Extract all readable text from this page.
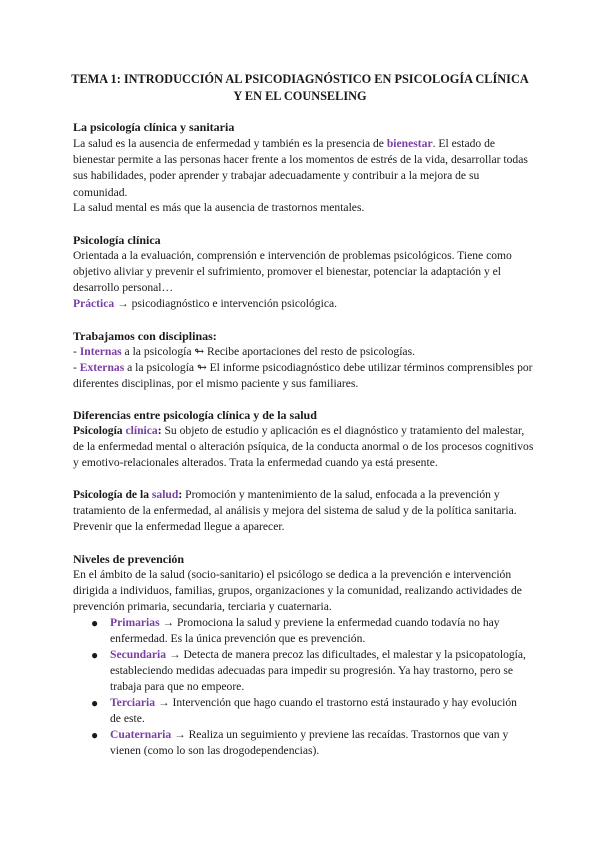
TEMA 1: INTRODUCCIÓN AL PSICODIAGNÓSTICO EN PSICOLOGÍA CLÍNICA
Y EN EL COUNSELING
La psicología clínica y sanitaria

La salud es la ausencia de enfermedad y también es la presencia de bienestar. El estado de bienestar permite a las personas hacer frente a los momentos de estrés de la vida, desarrollar todas sus habilidades, poder aprender y trabajar adecuadamente y contribuir a la mejora de su comunidad.

La salud mental es más que la ausencia de trastornos mentales.

Psicología clínica

Orientada a la evaluación, comprensión e intervención de problemas psicológicos. Tiene como objetivo aliviar y prevenir el sufrimiento, promover el bienestar, potenciar la adaptación y el desarrollo personal…

Práctica → psicodiagnóstico e intervención psicológica.

Trabajamos con disciplinas:

- Internas a la psicología ↬ Recibe aportaciones del resto de psicologías.

- Externas a la psicología ↬ El informe psicodiagnóstico debe utilizar términos comprensibles por diferentes disciplinas, por el mismo paciente y sus familiares.

Diferencias entre psicología clínica y de la salud

Psicología clínica: Su objeto de estudio y aplicación es el diagnóstico y tratamiento del malestar, de la enfermedad mental o alteración psíquica, de la conducta anormal o de los procesos cognitivos y emotivo-relacionales alterados. Trata la enfermedad cuando ya está presente.

Psicología de la salud: Promoción y mantenimiento de la salud, enfocada a la prevención y tratamiento de la enfermedad, al análisis y mejora del sistema de salud y de la política sanitaria. Prevenir que la enfermedad llegue a aparecer.

Niveles de prevención

En el ámbito de la salud (socio-sanitario) el psicólogo se dedica a la prevención e intervención dirigida a individuos, familias, grupos, organizaciones y la comunidad, realizando actividades de prevención primaria, secundaria, terciaria y cuaternaria.

● Primarias → Promociona la salud y previene la enfermedad cuando todavía no hay enfermedad. Es la única prevención que es prevención.

● Secundaria → Detecta de manera precoz las dificultades, el malestar y la psicopatología, estableciendo medidas adecuadas para impedir su progresión. Ya hay trastorno, pero se trabaja para que no empeore.

● Terciaria → Intervención que hago cuando el trastorno está instaurado y hay evolución de este.

● Cuaternaria → Realiza un seguimiento y previene las recaídas. Trastornos que van y vienen (como lo son las drogodependencias).
